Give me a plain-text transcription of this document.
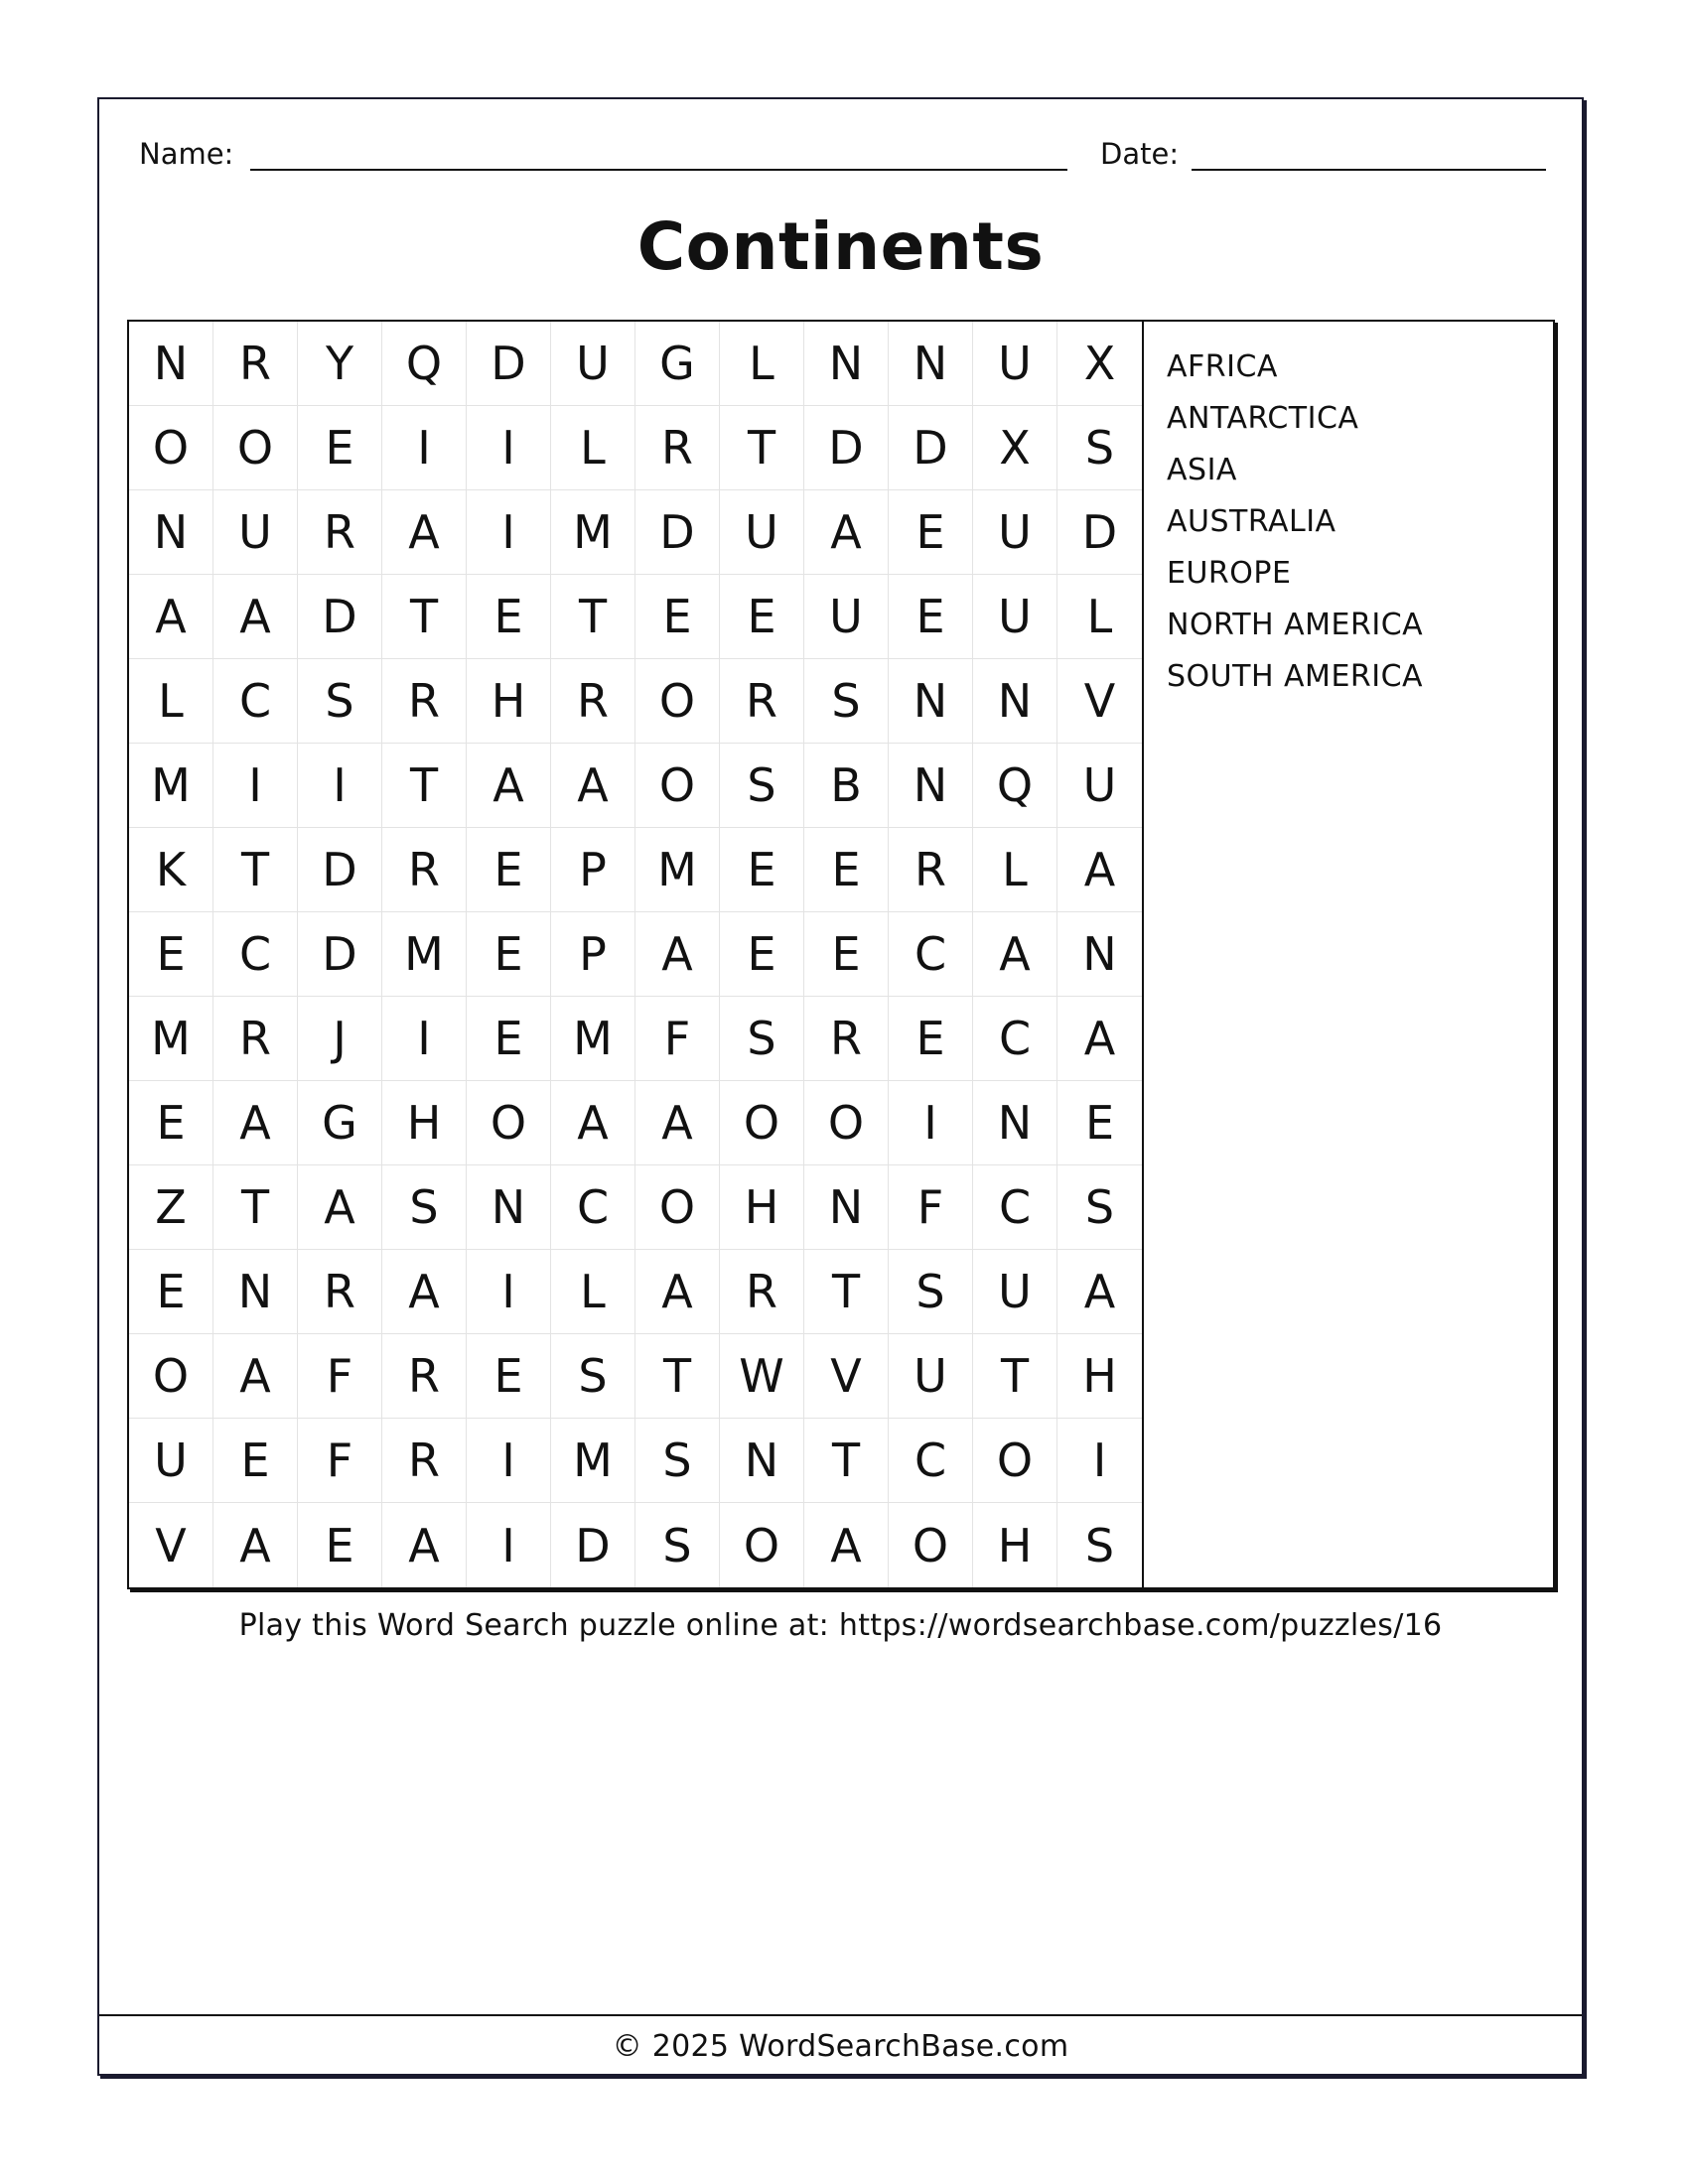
Name:	Date:
Continents
N	R	Y	Q	D	U	G	L	N	N	U	X
O	O	E	I	I	L	R	T	D	D	X	S
N	U	R	A	I	M	D	U	A	E	U	D
A	A	D	T	E	T	E	E	U	E	U	L
L	C	S	R	H	R	O	R	S	N	N	V
M	I	I	T	A	A	O	S	B	N	Q	U
K	T	D	R	E	P	M	E	E	R	L	A
E	C	D	M	E	P	A	E	E	C	A	N
M	R	J	I	E	M	F	S	R	E	C	A
E	A	G	H	O	A	A	O	O	I	N	E
Z	T	A	S	N	C	O	H	N	F	C	S
E	N	R	A	I	L	A	R	T	S	U	A
O	A	F	R	E	S	T	W	V	U	T	H
U	E	F	R	I	M	S	N	T	C	O	I
V	A	E	A	I	D	S	O	A	O	H	S
AFRICA
ANTARCTICA
ASIA
AUSTRALIA
EUROPE
NORTH AMERICA
SOUTH AMERICA
Play this Word Search puzzle online at: https://wordsearchbase.com/puzzles/16
© 2025 WordSearchBase.com
